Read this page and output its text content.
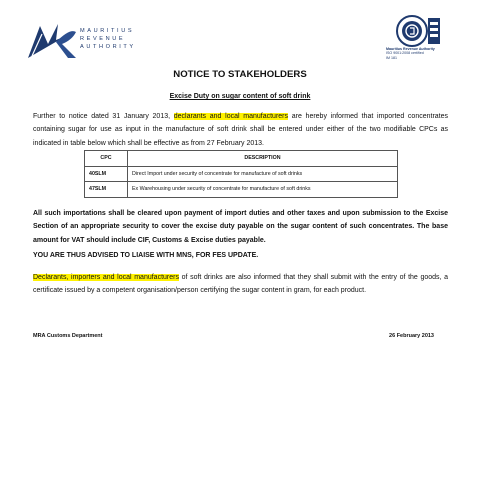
MAURITIUS
REVENUE
AUTHORITY	Mauritius Revenue Authority
ISO 9001:2008 certified
IM 181
NOTICE TO STAKEHOLDERS
Excise Duty on sugar content of soft drink
Further to notice dated 31 January 2013, declarants and local manufacturers are hereby informed that imported concentrates containing sugar for use as input in the manufacture of soft drink shall be entered under either of the two modifiable CPCs as indicated in table below which shall be effective as from 27 February 2013.
CPC	DESCRIPTION
40SLM	Direct Import under security of concentrate for manufacture of soft drinks
47SLM	Ex Warehousing under security of concentrate for manufacture of soft drinks
All such importations shall be cleared upon payment of import duties and other taxes and upon submission to the Excise Section of an appropriate security to cover the excise duty payable on the sugar content of such concentrates. The base amount for VAT should include CIF, Customs & Excise duties payable.
YOU ARE THUS ADVISED TO LIAISE WITH MNS, FOR FES UPDATE.
Declarants, importers and local manufacturers of soft drinks are also informed that they shall submit with the entry of the goods, a certificate issued by a competent organisation/person certifying the sugar content in gram, for each product.
MRA Customs Department	26 February 2013
